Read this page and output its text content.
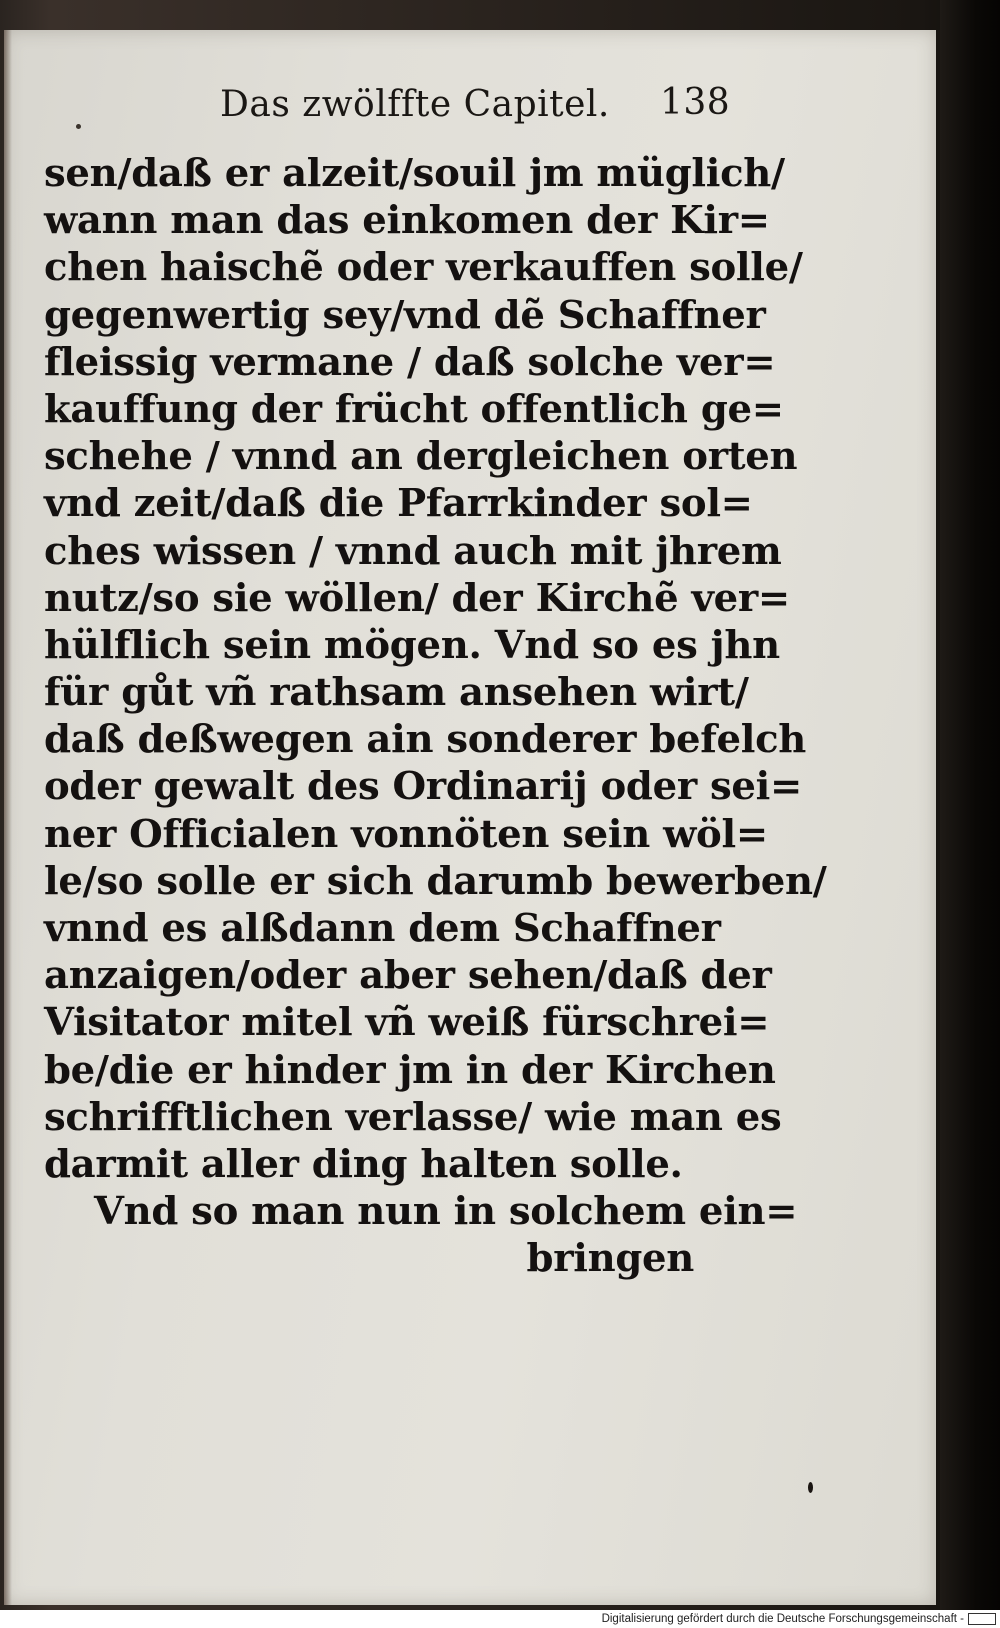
Das zwölffte Capitel. 138
sen/daß er alzeit/souil jm müglich/
wann man das einkomen der Kir=
chen haischẽ oder verkauffen solle/
gegenwertig sey/vnd dẽ Schaffner
fleissig vermane / daß solche ver=
kauffung der frücht offentlich ge=
schehe / vnnd an dergleichen orten
vnd zeit/daß die Pfarrkinder sol=
ches wissen / vnnd auch mit jhrem
nutz/so sie wöllen/ der Kirchẽ ver=
hülflich sein mögen. Vnd so es jhn
für gůt vñ rathsam ansehen wirt/
daß deßwegen ain sonderer befelch
oder gewalt des Ordinarij oder sei=
ner Officialen vonnöten sein wöl=
le/so solle er sich darumb bewerben/
vnnd es alßdann dem Schaffner
anzaigen/oder aber sehen/daß der
Visitator mitel vñ weiß fürschrei=
be/die er hinder jm in der Kirchen
schrifftlichen verlasse/ wie man es
darmit aller ding halten solle.
Vnd so man nun in solchem ein=
bringen
Digitalisierung gefördert durch die Deutsche Forschungsgemeinschaft -
